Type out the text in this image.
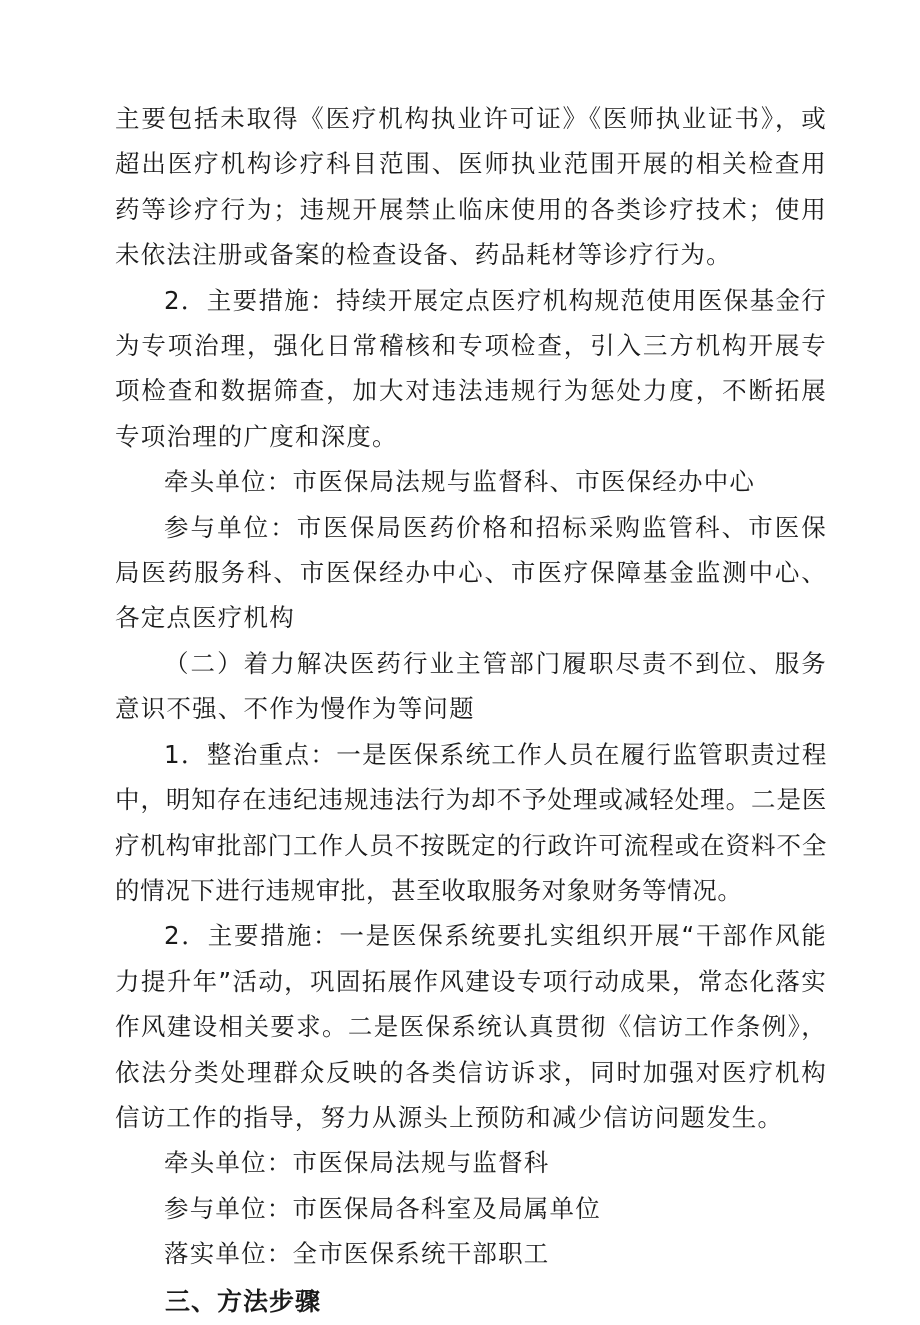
主要包括未取得《医疗机构执业许可证》《医师执业证书》，或超出医疗机构诊疗科目范围、医师执业范围开展的相关检查用药等诊疗行为；违规开展禁止临床使用的各类诊疗技术；使用未依法注册或备案的检查设备、药品耗材等诊疗行为。

2．主要措施：持续开展定点医疗机构规范使用医保基金行为专项治理，强化日常稽核和专项检查，引入三方机构开展专项检查和数据筛查，加大对违法违规行为惩处力度，不断拓展专项治理的广度和深度。

牵头单位：市医保局法规与监督科、市医保经办中心

参与单位：市医保局医药价格和招标采购监管科、市医保局医药服务科、市医保经办中心、市医疗保障基金监测中心、各定点医疗机构

（二）着力解决医药行业主管部门履职尽责不到位、服务意识不强、不作为慢作为等问题

1．整治重点：一是医保系统工作人员在履行监管职责过程中，明知存在违纪违规违法行为却不予处理或减轻处理。二是医疗机构审批部门工作人员不按既定的行政许可流程或在资料不全的情况下进行违规审批，甚至收取服务对象财务等情况。

2．主要措施：一是医保系统要扎实组织开展“干部作风能力提升年”活动，巩固拓展作风建设专项行动成果，常态化落实作风建设相关要求。二是医保系统认真贯彻《信访工作条例》，依法分类处理群众反映的各类信访诉求，同时加强对医疗机构信访工作的指导，努力从源头上预防和减少信访问题发生。

牵头单位：市医保局法规与监督科

参与单位：市医保局各科室及局属单位

落实单位：全市医保系统干部职工

三、方法步骤
